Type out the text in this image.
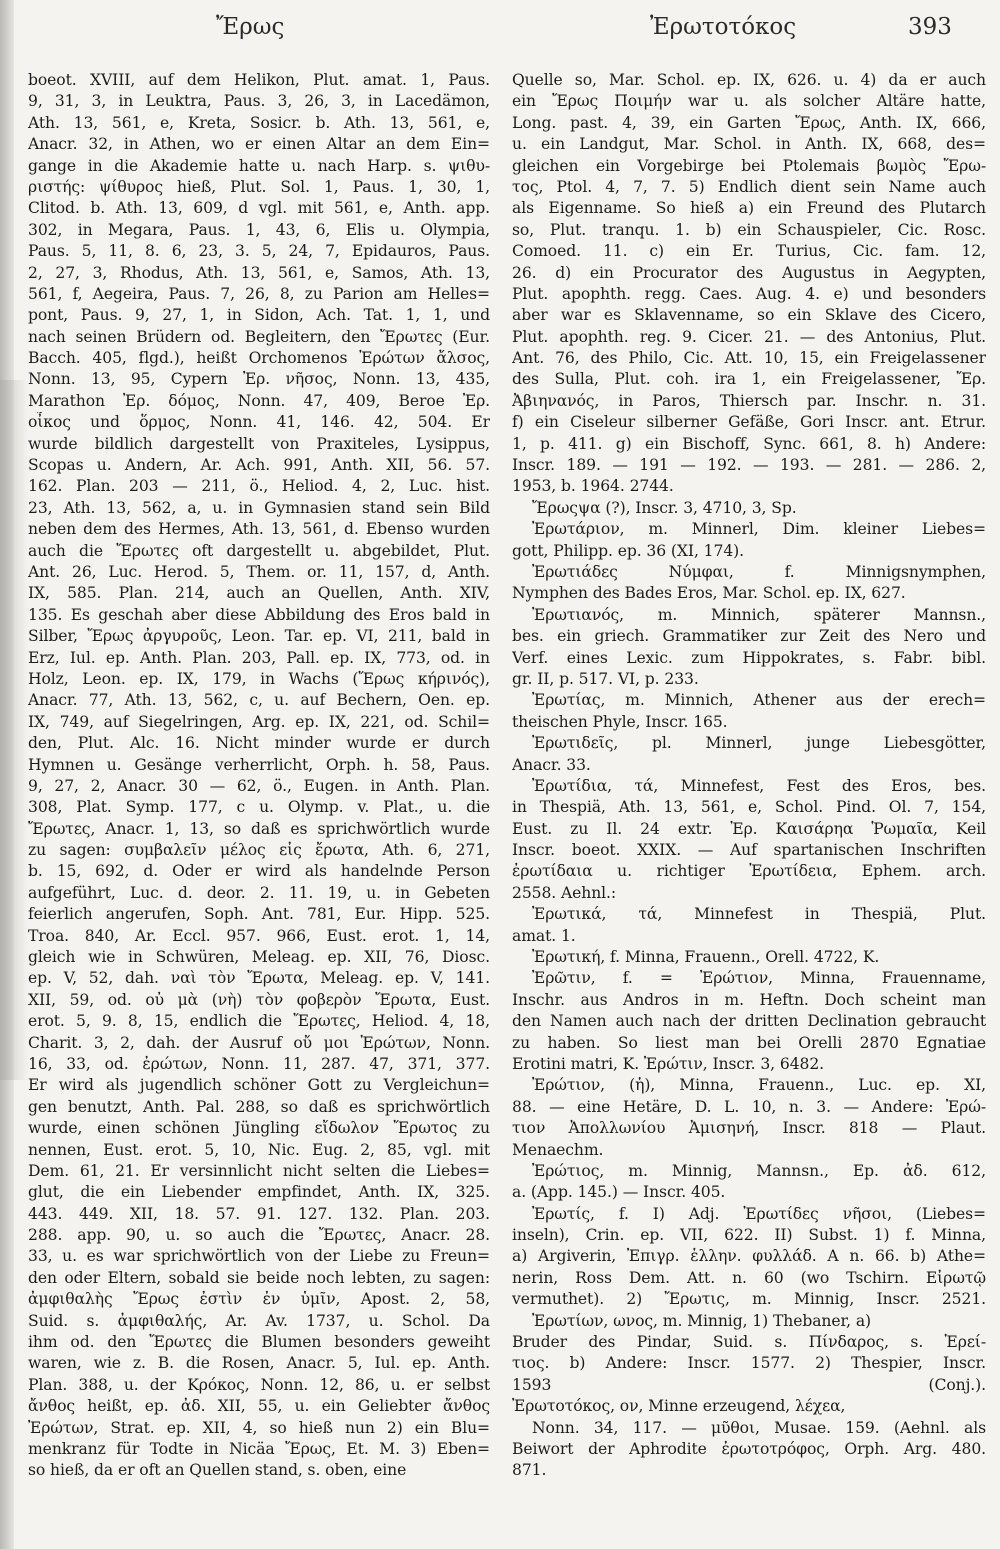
Ἔρως	Ἐρωτοτόκος	393
boeot. XVIII, auf dem Helikon, Plut. amat. 1, Paus.
9, 31, 3, in Leuktra, Paus. 3, 26, 3, in Lacedämon,
Ath. 13, 561, e, Kreta, Sosicr. b. Ath. 13, 561, e,
Anacr. 32, in Athen, wo er einen Altar an dem Ein=
gange in die Akademie hatte u. nach Harp. s. ψιθυ-
ριστής: ψίθυρος hieß, Plut. Sol. 1, Paus. 1, 30, 1,
Clitod. b. Ath. 13, 609, d vgl. mit 561, e, Anth. app.
302, in Megara, Paus. 1, 43, 6, Elis u. Olympia,
Paus. 5, 11, 8. 6, 23, 3. 5, 24, 7, Epidauros, Paus.
2, 27, 3, Rhodus, Ath. 13, 561, e, Samos, Ath. 13,
561, f, Aegeira, Paus. 7, 26, 8, zu Parion am Helles=
pont, Paus. 9, 27, 1, in Sidon, Ach. Tat. 1, 1, und
nach seinen Brüdern od. Begleitern, den Ἔρωτες (Eur.
Bacch. 405, flgd.), heißt Orchomenos Ἐρώτων ἄλσος,
Nonn. 13, 95, Cypern Ἐρ. νῆσος, Nonn. 13, 435,
Marathon Ἐρ. δόμος, Nonn. 47, 409, Beroe Ἐρ.
οἶκος und ὅρμος, Nonn. 41, 146. 42, 504. Er
wurde bildlich dargestellt von Praxiteles, Lysippus,
Scopas u. Andern, Ar. Ach. 991, Anth. XII, 56. 57.
162. Plan. 203 — 211, ö., Heliod. 4, 2, Luc. hist.
23, Ath. 13, 562, a, u. in Gymnasien stand sein Bild
neben dem des Hermes, Ath. 13, 561, d. Ebenso wurden
auch die Ἔρωτες oft dargestellt u. abgebildet, Plut.
Ant. 26, Luc. Herod. 5, Them. or. 11, 157, d, Anth.
IX, 585. Plan. 214, auch an Quellen, Anth. XIV,
135. Es geschah aber diese Abbildung des Eros bald in
Silber, Ἔρως ἀργυροῦς, Leon. Tar. ep. VI, 211, bald in
Erz, Iul. ep. Anth. Plan. 203, Pall. ep. IX, 773, od. in
Holz, Leon. ep. IX, 179, in Wachs (Ἔρως κήρινός),
Anacr. 77, Ath. 13, 562, c, u. auf Bechern, Oen. ep.
IX, 749, auf Siegelringen, Arg. ep. IX, 221, od. Schil=
den, Plut. Alc. 16. Nicht minder wurde er durch
Hymnen u. Gesänge verherrlicht, Orph. h. 58, Paus.
9, 27, 2, Anacr. 30 — 62, ö., Eugen. in Anth. Plan.
308, Plat. Symp. 177, c u. Olymp. v. Plat., u. die
Ἔρωτες, Anacr. 1, 13, so daß es sprichwörtlich wurde
zu sagen: συμβαλεῖν μέλος εἰς ἔρωτα, Ath. 6, 271,
b. 15, 692, d. Oder er wird als handelnde Person
aufgeführt, Luc. d. deor. 2. 11. 19, u. in Gebeten
feierlich angerufen, Soph. Ant. 781, Eur. Hipp. 525.
Troa. 840, Ar. Eccl. 957. 966, Eust. erot. 1, 14,
gleich wie in Schwüren, Meleag. ep. XII, 76, Diosc.
ep. V, 52, dah. ναὶ τὸν Ἔρωτα, Meleag. ep. V, 141.
XII, 59, od. οὐ μὰ (νὴ) τὸν φοβερὸν Ἔρωτα, Eust.
erot. 5, 9. 8, 15, endlich die Ἔρωτες, Heliod. 4, 18,
Charit. 3, 2, dah. der Ausruf οὔ μοι Ἐρώτων, Nonn.
16, 33, od. ἐρώτων, Nonn. 11, 287. 47, 371, 377.
Er wird als jugendlich schöner Gott zu Vergleichun=
gen benutzt, Anth. Pal. 288, so daß es sprichwörtlich
wurde, einen schönen Jüngling εἴδωλον Ἔρωτος zu
nennen, Eust. erot. 5, 10, Nic. Eug. 2, 85, vgl. mit
Dem. 61, 21. Er versinnlicht nicht selten die Liebes=
glut, die ein Liebender empfindet, Anth. IX, 325.
443. 449. XII, 18. 57. 91. 127. 132. Plan. 203.
288. app. 90, u. so auch die Ἔρωτες, Anacr. 28.
33, u. es war sprichwörtlich von der Liebe zu Freun=
den oder Eltern, sobald sie beide noch lebten, zu sagen:
ἀμφιθαλὴς Ἔρως ἐστὶν ἐν ὑμῖν, Apost. 2, 58,
Suid. s. ἀμφιθαλής, Ar. Av. 1737, u. Schol. Da
ihm od. den Ἔρωτες die Blumen besonders geweiht
waren, wie z. B. die Rosen, Anacr. 5, Iul. ep. Anth.
Plan. 388, u. der Κρόκος, Nonn. 12, 86, u. er selbst
ἄνθος heißt, ep. ἀδ. XII, 55, u. ein Geliebter ἄνθος
Ἐρώτων, Strat. ep. XII, 4, so hieß nun 2) ein Blu=
menkranz für Todte in Nicäa Ἔρως, Et. M. 3) Eben=
so hieß, da er oft an Quellen stand, s. oben, eine
Quelle so, Mar. Schol. ep. IX, 626. u. 4) da er auch
ein Ἔρως Ποιμήν war u. als solcher Altäre hatte,
Long. past. 4, 39, ein Garten Ἔρως, Anth. IX, 666,
u. ein Landgut, Mar. Schol. in Anth. IX, 668, des=
gleichen ein Vorgebirge bei Ptolemais βωμὸς Ἔρω-
τος, Ptol. 4, 7, 7. 5) Endlich dient sein Name auch
als Eigenname. So hieß a) ein Freund des Plutarch
so, Plut. tranqu. 1. b) ein Schauspieler, Cic. Rosc.
Comoed. 11. c) ein Er. Turius, Cic. fam. 12,
26. d) ein Procurator des Augustus in Aegypten,
Plut. apophth. regg. Caes. Aug. 4. e) und besonders
aber war es Sklavenname, so ein Sklave des Cicero,
Plut. apophth. reg. 9. Cicer. 21. — des Antonius, Plut.
Ant. 76, des Philo, Cic. Att. 10, 15, ein Freigelassener
des Sulla, Plut. coh. ira 1, ein Freigelassener, Ἔρ.
Ἀβιηνανός, in Paros, Thiersch par. Inschr. n. 31.
f) ein Ciseleur silberner Gefäße, Gori Inscr. ant. Etrur.
1, p. 411. g) ein Bischoff, Sync. 661, 8. h) Andere:
Inscr. 189. — 191 — 192. — 193. — 281. — 286. 2,
1953, b. 1964. 2744.
Ἔρωςψα (?), Inscr. 3, 4710, 3, Sp.
Ἐρωτάριον, m. Minnerl, Dim. kleiner Liebes=
gott, Philipp. ep. 36 (XI, 174).
Ἐρωτιάδες Νύμφαι, f. Minnigsnymphen,
Nymphen des Bades Eros, Mar. Schol. ep. IX, 627.
Ἐρωτιανός, m. Minnich, späterer Mannsn.,
bes. ein griech. Grammatiker zur Zeit des Nero und
Verf. eines Lexic. zum Hippokrates, s. Fabr. bibl.
gr. II, p. 517. VI, p. 233.
Ἐρωτίας, m. Minnich, Athener aus der erech=
theischen Phyle, Inscr. 165.
Ἐρωτιδεῖς, pl. Minnerl, junge Liebesgötter,
Anacr. 33.
Ἐρωτίδια, τά, Minnefest, Fest des Eros, bes.
in Thespiä, Ath. 13, 561, e, Schol. Pind. Ol. 7, 154,
Eust. zu Il. 24 extr. Ἐρ. Καισάρηα Ῥωμαῖα, Keil
Inscr. boeot. XXIX. — Auf spartanischen Inschriften
ἐρωτίδαια u. richtiger Ἐρωτίδεια, Ephem. arch.
2558. Aehnl.:
Ἐρωτικά, τά, Minnefest in Thespiä, Plut.
amat. 1.
Ἐρωτική, f. Minna, Frauenn., Orell. 4722, K.
Ἐρῶτιν, f. = Ἐρώτιον, Minna, Frauenname,
Inschr. aus Andros in m. Heftn. Doch scheint man
den Namen auch nach der dritten Declination gebraucht
zu haben. So liest man bei Orelli 2870 Egnatiae
Erotini matri, K. Ἐρώτιν, Inscr. 3, 6482.
Ἐρώτιον, (ἡ), Minna, Frauenn., Luc. ep. XI,
88. — eine Hetäre, D. L. 10, n. 3. — Andere: Ἐρώ-
τιον Ἀπολλωνίου Ἀμισηνή, Inscr. 818 — Plaut.
Menaechm.
Ἐρώτιος, m. Minnig, Mannsn., Ep. ἀδ. 612,
a. (App. 145.) — Inscr. 405.
Ἐρωτίς, f. I) Adj. Ἐρωτίδες νῆσοι, (Liebes=
inseln), Crin. ep. VII, 622. II) Subst. 1) f. Minna,
a) Argiverin, Ἐπιγρ. ἑλλην. φυλλάδ. A n. 66. b) Athe=
nerin, Ross Dem. Att. n. 60 (wo Tschirn. Εἰρωτῷ
vermuthet). 2) Ἔρωτις, m. Minnig, Inscr. 2521.
Ἐρωτίων, ωνος, m. Minnig, 1) Thebaner, a)
Bruder des Pindar, Suid. s. Πίνδαρος, s. Ἐρεί-
τιος. b) Andere: Inscr. 1577. 2) Thespier, Inscr.
1593 (Conj.).
Ἐρωτοτόκος, ον, Minne erzeugend, λέχεα,
Nonn. 34, 117. — μῦθοι, Musae. 159. (Aehnl. als
Beiwort der Aphrodite ἐρωτοτρόφος, Orph. Arg. 480.
871.
